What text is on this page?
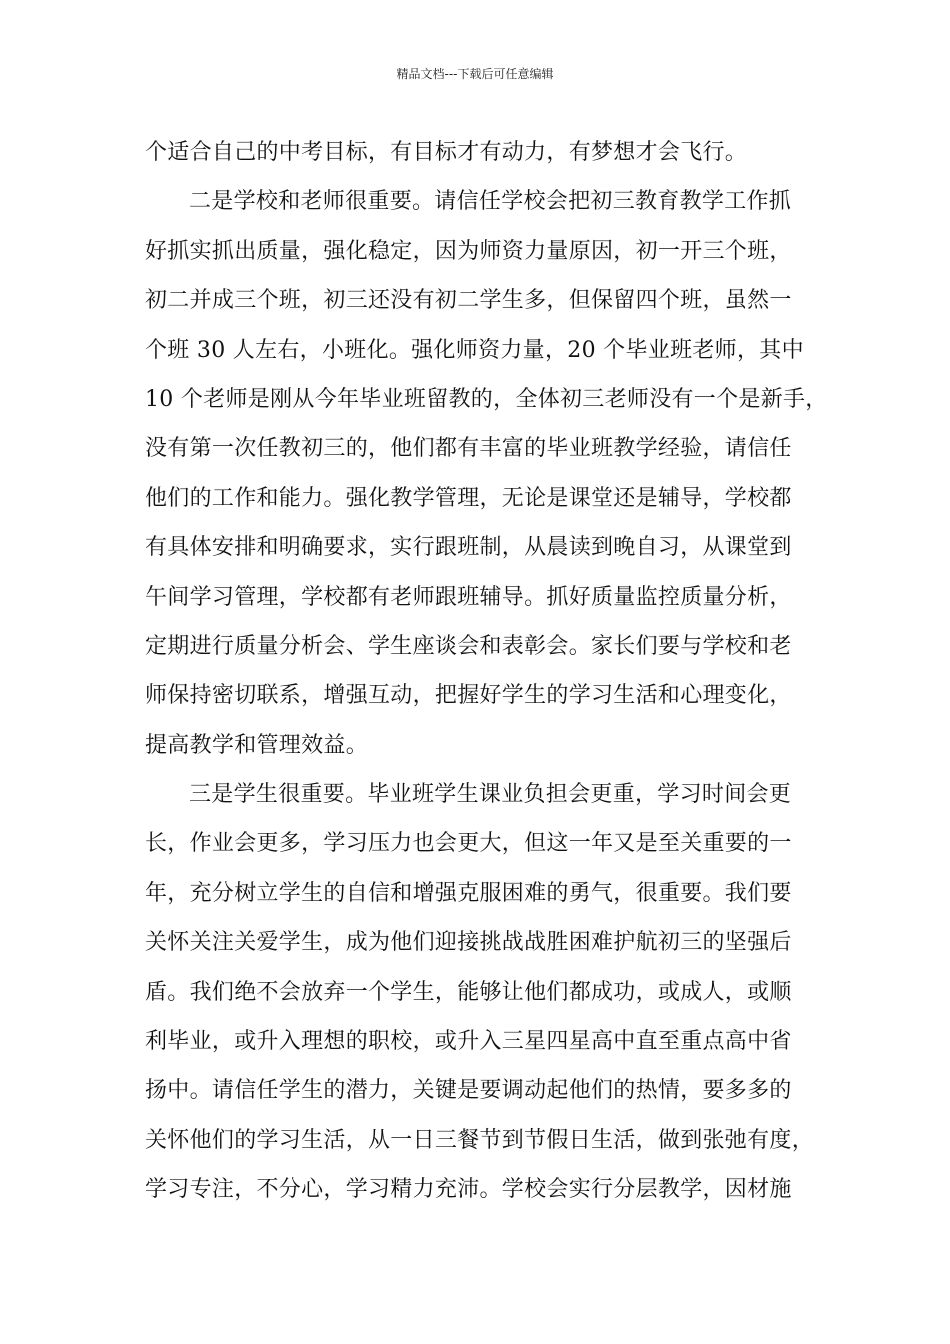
精品文档---下载后可任意编辑
个适合自己的中考目标，有目标才有动力，有梦想才会飞行。
二是学校和老师很重要。请信任学校会把初三教育教学工作抓
好抓实抓出质量，强化稳定，因为师资力量原因，初一开三个班，
初二并成三个班，初三还没有初二学生多，但保留四个班，虽然一
个班 30 人左右，小班化。强化师资力量，20 个毕业班老师，其中
10 个老师是刚从今年毕业班留教的，全体初三老师没有一个是新手，
没有第一次任教初三的，他们都有丰富的毕业班教学经验，请信任
他们的工作和能力。强化教学管理，无论是课堂还是辅导，学校都
有具体安排和明确要求，实行跟班制，从晨读到晚自习，从课堂到
午间学习管理，学校都有老师跟班辅导。抓好质量监控质量分析，
定期进行质量分析会、学生座谈会和表彰会。家长们要与学校和老
师保持密切联系，增强互动，把握好学生的学习生活和心理变化，
提高教学和管理效益。
三是学生很重要。毕业班学生课业负担会更重，学习时间会更
长，作业会更多，学习压力也会更大，但这一年又是至关重要的一
年，充分树立学生的自信和增强克服困难的勇气，很重要。我们要
关怀关注关爱学生，成为他们迎接挑战战胜困难护航初三的坚强后
盾。我们绝不会放弃一个学生，能够让他们都成功，或成人，或顺
利毕业，或升入理想的职校，或升入三星四星高中直至重点高中省
扬中。请信任学生的潜力，关键是要调动起他们的热情，要多多的
关怀他们的学习生活，从一日三餐节到节假日生活，做到张弛有度，
学习专注，不分心，学习精力充沛。学校会实行分层教学，因材施
